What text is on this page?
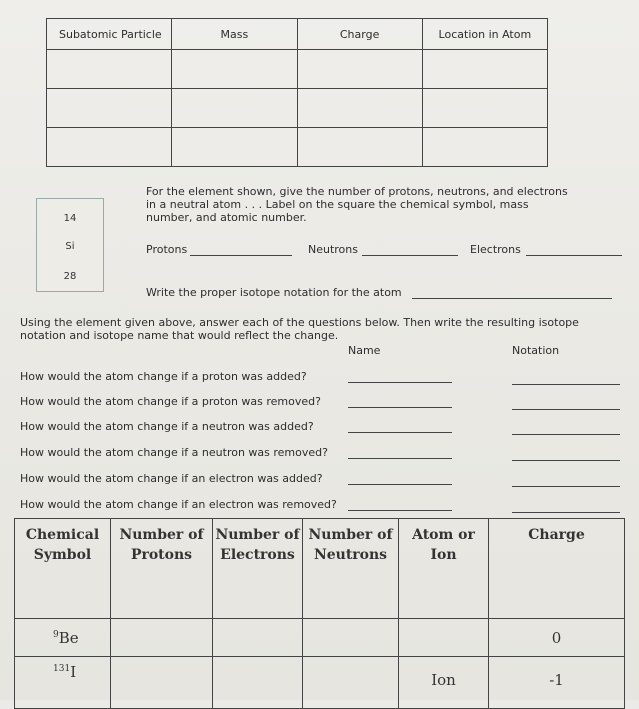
Subatomic Particle	Mass	Charge	Location in Atom

14
Si
28
For the element shown, give the number of protons, neutrons, and electrons
in a neutral atom . . . Label on the square the chemical symbol, mass
number, and atomic number.
Protons	Neutrons	Electrons
Write the proper isotope notation for the atom
Using the element given above, answer each of the questions below. Then write the resulting isotope
notation and isotope name that would reflect the change.
Name	Notation
How would the atom change if a proton was added?
How would the atom change if a proton was removed?
How would the atom change if a neutron was added?
How would the atom change if a neutron was removed?
How would the atom change if an electron was added?
How would the atom change if an electron was removed?
Chemical Symbol	Number of Protons	Number of Electrons	Number of Neutrons	Atom or Ion	Charge
$^9$Be					0
$^{131}$I				Ion	-1
